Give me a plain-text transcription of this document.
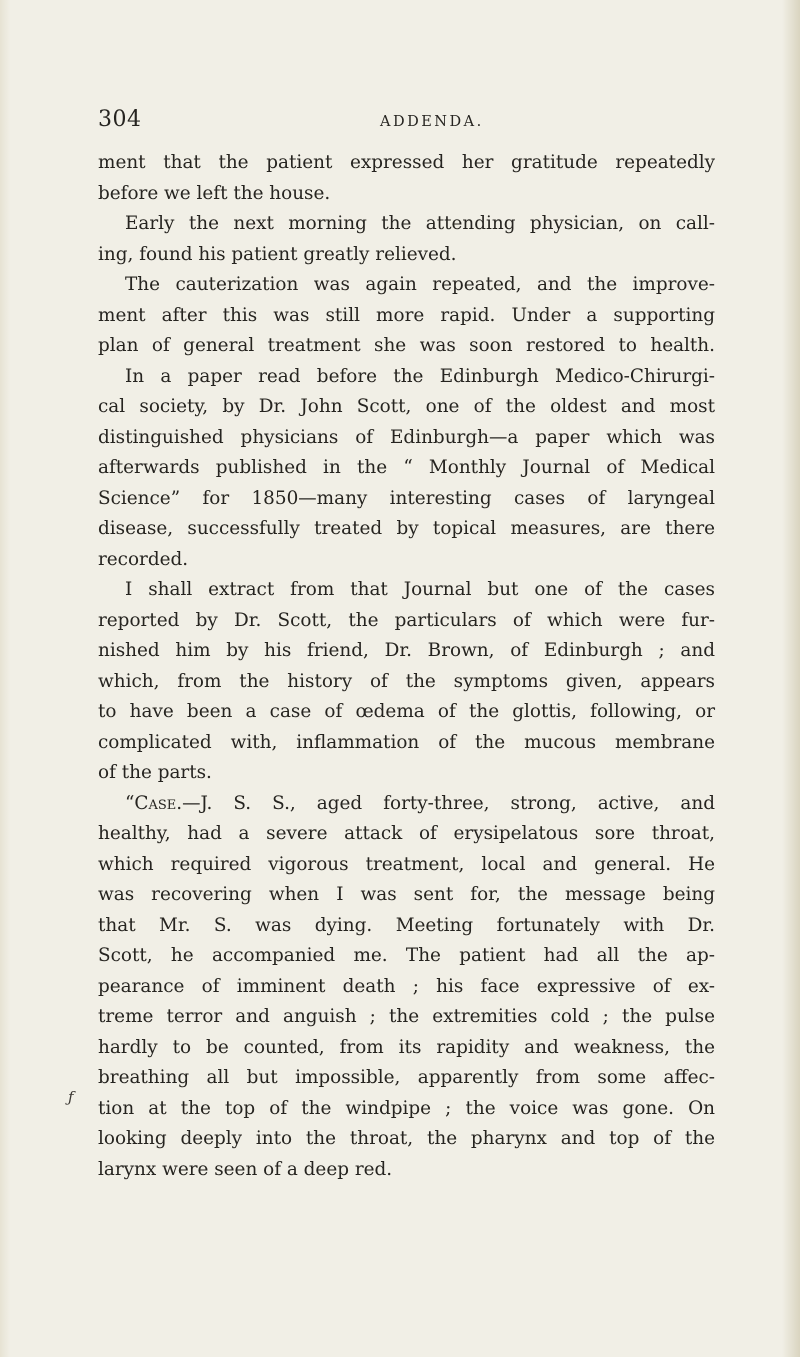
304	ADDENDA.
ƒ
ment that the patient expressed her gratitude repeatedly
before we left the house.
Early the next morning the attending physician, on call-
ing, found his patient greatly relieved.
The cauterization was again repeated, and the improve-
ment after this was still more rapid. Under a supporting
plan of general treatment she was soon restored to health.
In a paper read before the Edinburgh Medico-Chirurgi-
cal society, by Dr. John Scott, one of the oldest and most
distinguished physicians of Edinburgh—a paper which was
afterwards published in the “ Monthly Journal of Medical
Science” for 1850—many interesting cases of laryngeal
disease, successfully treated by topical measures, are there
recorded.
I shall extract from that Journal but one of the cases
reported by Dr. Scott, the particulars of which were fur-
nished him by his friend, Dr. Brown, of Edinburgh ; and
which, from the history of the symptoms given, appears
to have been a case of œdema of the glottis, following, or
complicated with, inflammation of the mucous membrane
of the parts.
“Case.—J. S. S., aged forty-three, strong, active, and
healthy, had a severe attack of erysipelatous sore throat,
which required vigorous treatment, local and general. He
was recovering when I was sent for, the message being
that Mr. S. was dying. Meeting fortunately with Dr.
Scott, he accompanied me. The patient had all the ap-
pearance of imminent death ; his face expressive of ex-
treme terror and anguish ; the extremities cold ; the pulse
hardly to be counted, from its rapidity and weakness, the
breathing all but impossible, apparently from some affec-
tion at the top of the windpipe ; the voice was gone. On
looking deeply into the throat, the pharynx and top of the
larynx were seen of a deep red.
